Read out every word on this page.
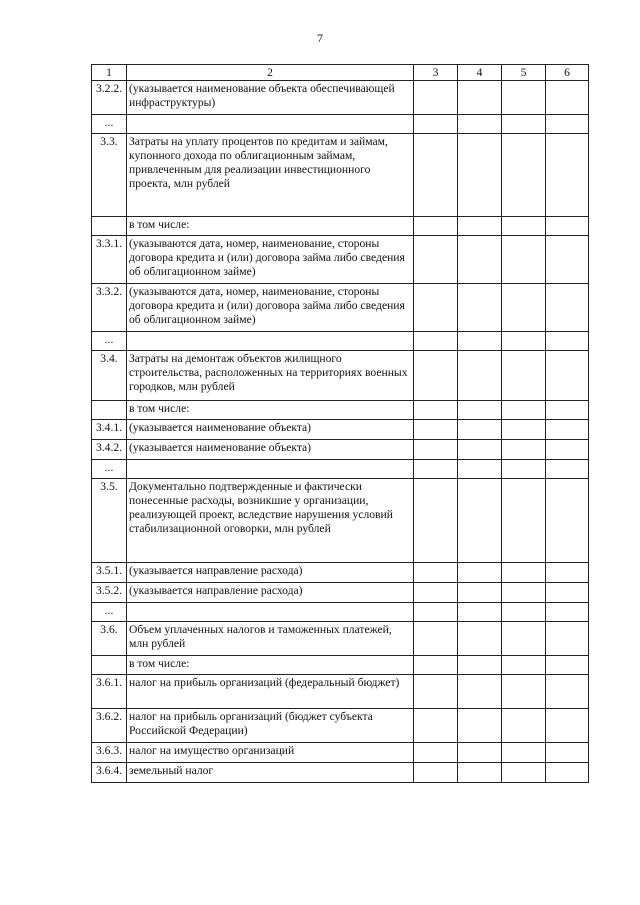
7
1	2	3	4	5	6
3.2.2.	(указывается наименование объекта обеспечивающей инфраструктуры)				
...					
3.3.	Затраты на уплату процентов по кредитам и займам, купонного дохода по облигационным займам, привлеченным для реализации инвестиционного проекта, млн рублей				
	в том числе:				
3.3.1.	(указываются дата, номер, наименование, стороны договора кредита и (или) договора займа либо сведения об облигационном займе)				
3.3.2.	(указываются дата, номер, наименование, стороны договора кредита и (или) договора займа либо сведения об облигационном займе)				
...					
3.4.	Затраты на демонтаж объектов жилищного строительства, расположенных на территориях военных городков, млн рублей				
	в том числе:				
3.4.1.	(указывается наименование объекта)				
3.4.2.	(указывается наименование объекта)				
...					
3.5.	Документально подтвержденные и фактически понесенные расходы, возникшие у организации, реализующей проект, вследствие нарушения условий стабилизационной оговорки, млн рублей				
3.5.1.	(указывается направление расхода)				
3.5.2.	(указывается направление расхода)				
...					
3.6.	Объем уплаченных налогов и таможенных платежей, млн рублей				
	в том числе:				
3.6.1.	налог на прибыль организаций (федеральный бюджет)				
3.6.2.	налог на прибыль организаций (бюджет субъекта Российской Федерации)				
3.6.3.	налог на имущество организаций				
3.6.4.	земельный налог				
